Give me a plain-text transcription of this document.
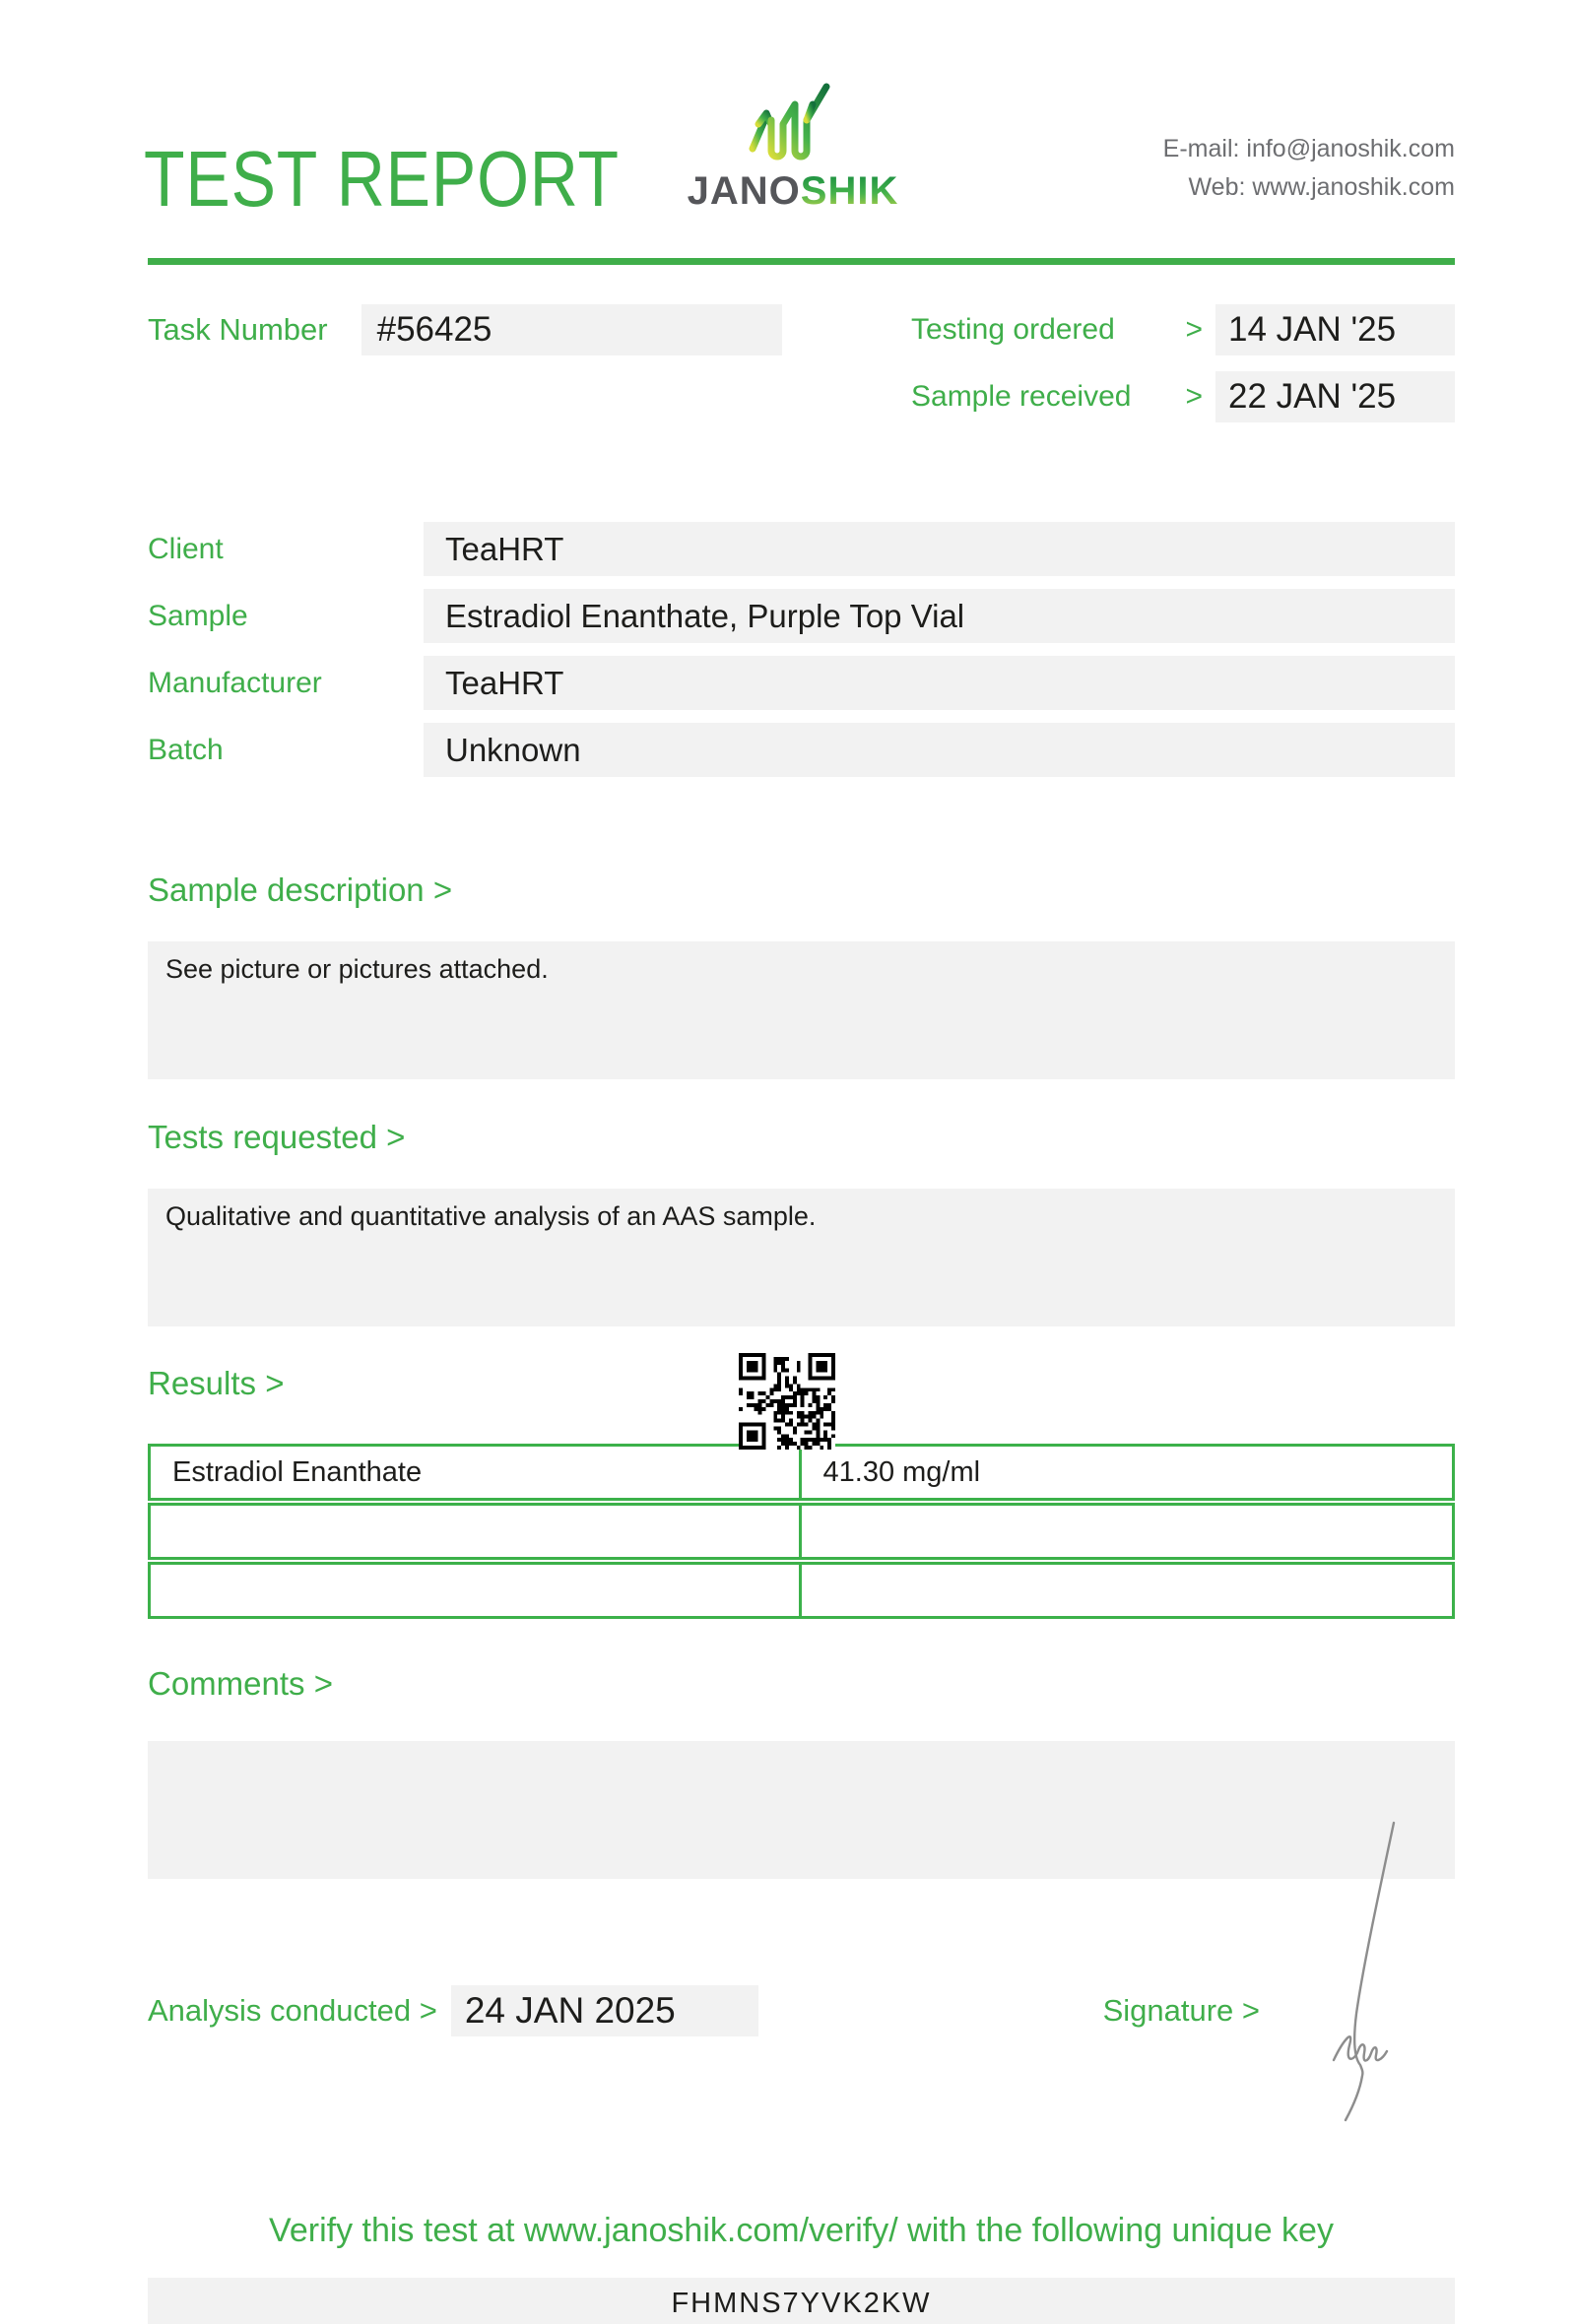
TEST REPORT JANOSHIK
E-mail: info@janoshik.com
Web: www.janoshik.com
Task Number	#56425	Testing ordered	> 14 JAN '25
Sample received	> 22 JAN '25
Client	TeaHRT
Sample	Estradiol Enanthate, Purple Top Vial
Manufacturer	TeaHRT
Batch	Unknown
Sample description >
See picture or pictures attached.
Tests requested >
Qualitative and quantitative analysis of an AAS sample.
Results >
Estradiol Enanthate	41.30 mg/ml
Comments >
Analysis conducted > 24 JAN 2025	Signature >
Verify this test at www.janoshik.com/verify/ with the following unique key
FHMNS7YVK2KW
